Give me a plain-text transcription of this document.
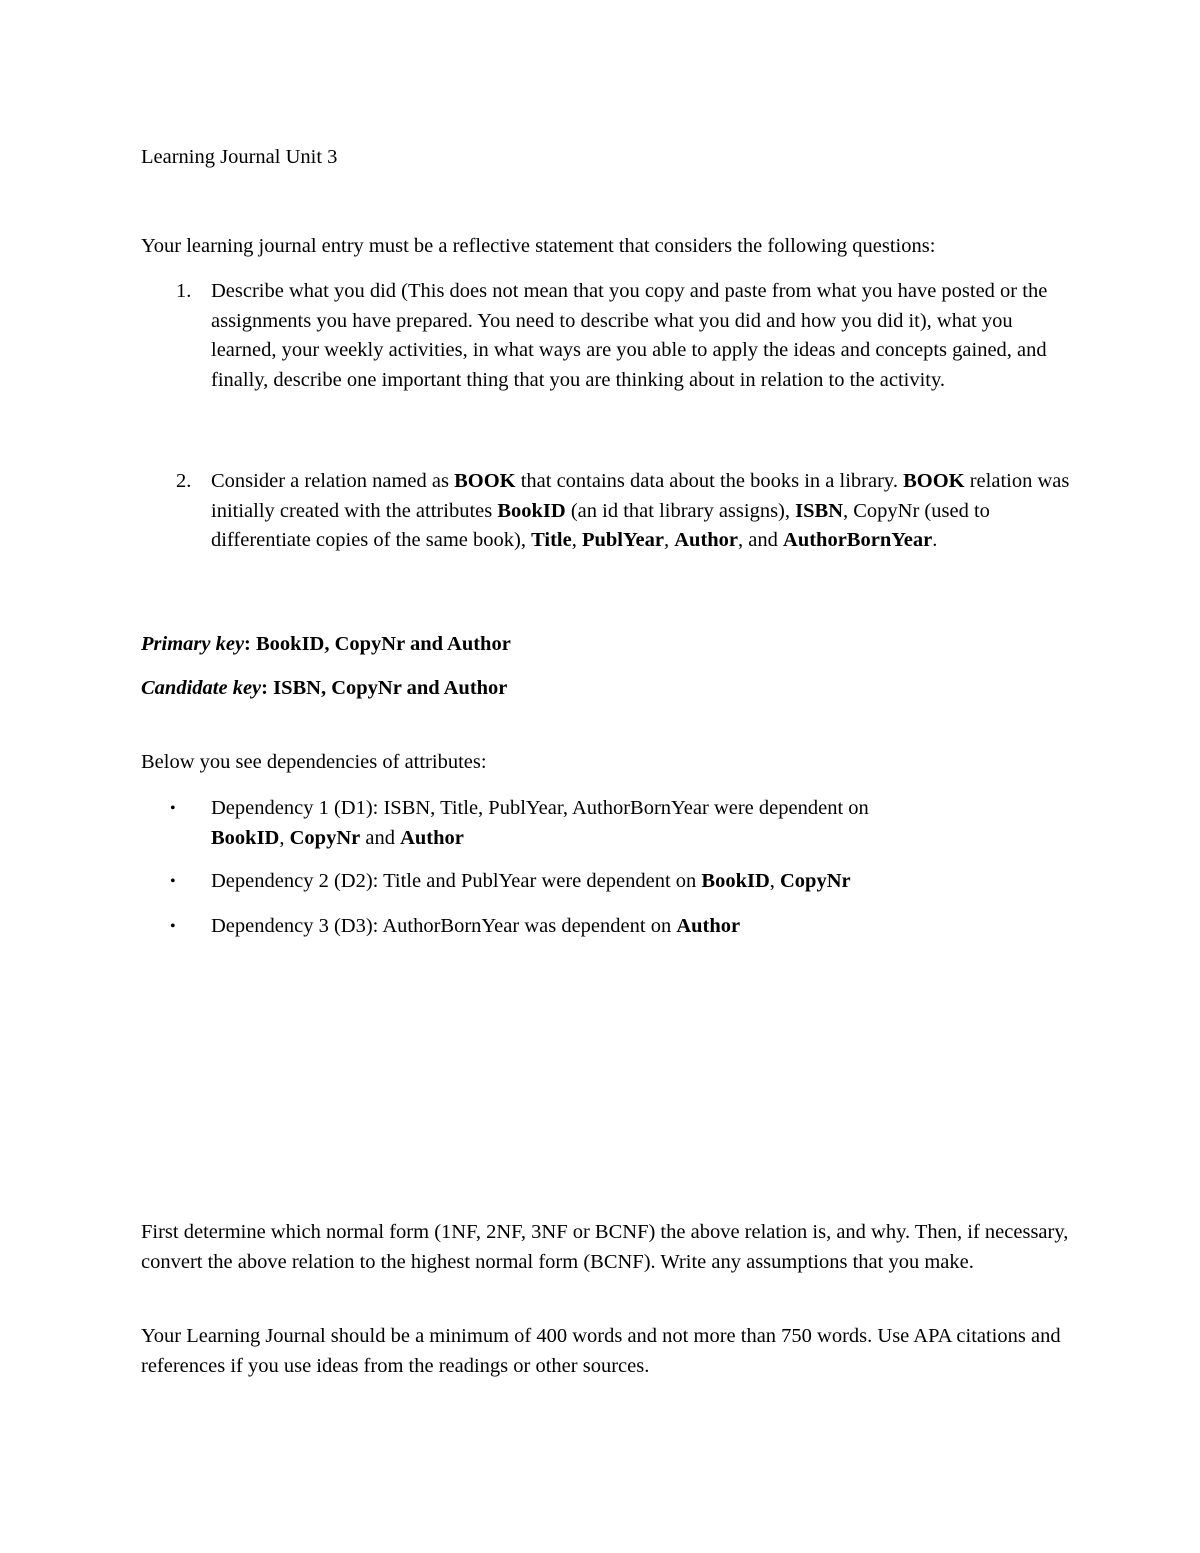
Learning Journal Unit 3
Your learning journal entry must be a reflective statement that considers the following questions:
1. Describe what you did (This does not mean that you copy and paste from what you have posted or the assignments you have prepared. You need to describe what you did and how you did it), what you learned, your weekly activities, in what ways are you able to apply the ideas and concepts gained, and finally, describe one important thing that you are thinking about in relation to the activity.
2. Consider a relation named as BOOK that contains data about the books in a library. BOOK relation was initially created with the attributes BookID (an id that library assigns), ISBN, CopyNr (used to differentiate copies of the same book), Title, PublYear, Author, and AuthorBornYear.
Primary key: BookID, CopyNr and Author
Candidate key: ISBN, CopyNr and Author
Below you see dependencies of attributes:
• Dependency 1 (D1): ISBN, Title, PublYear, AuthorBornYear were dependent on BookID, CopyNr and Author
• Dependency 2 (D2): Title and PublYear were dependent on BookID, CopyNr
• Dependency 3 (D3): AuthorBornYear was dependent on Author
First determine which normal form (1NF, 2NF, 3NF or BCNF) the above relation is, and why. Then, if necessary, convert the above relation to the highest normal form (BCNF). Write any assumptions that you make.
Your Learning Journal should be a minimum of 400 words and not more than 750 words. Use APA citations and references if you use ideas from the readings or other sources.
